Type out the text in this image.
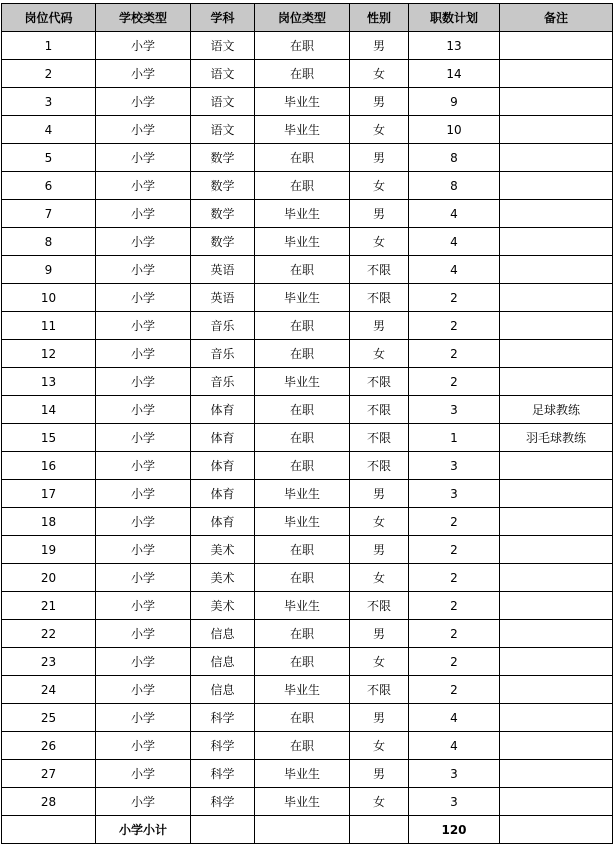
岗位代码	学校类型	学科	岗位类型	性别	职数计划	备注
1	小学	语文	在职	男	13	
2	小学	语文	在职	女	14	
3	小学	语文	毕业生	男	9	
4	小学	语文	毕业生	女	10	
5	小学	数学	在职	男	8	
6	小学	数学	在职	女	8	
7	小学	数学	毕业生	男	4	
8	小学	数学	毕业生	女	4	
9	小学	英语	在职	不限	4	
10	小学	英语	毕业生	不限	2	
11	小学	音乐	在职	男	2	
12	小学	音乐	在职	女	2	
13	小学	音乐	毕业生	不限	2	
14	小学	体育	在职	不限	3	足球教练
15	小学	体育	在职	不限	1	羽毛球教练
16	小学	体育	在职	不限	3	
17	小学	体育	毕业生	男	3	
18	小学	体育	毕业生	女	2	
19	小学	美术	在职	男	2	
20	小学	美术	在职	女	2	
21	小学	美术	毕业生	不限	2	
22	小学	信息	在职	男	2	
23	小学	信息	在职	女	2	
24	小学	信息	毕业生	不限	2	
25	小学	科学	在职	男	4	
26	小学	科学	在职	女	4	
27	小学	科学	毕业生	男	3	
28	小学	科学	毕业生	女	3	
	小学小计				120	
